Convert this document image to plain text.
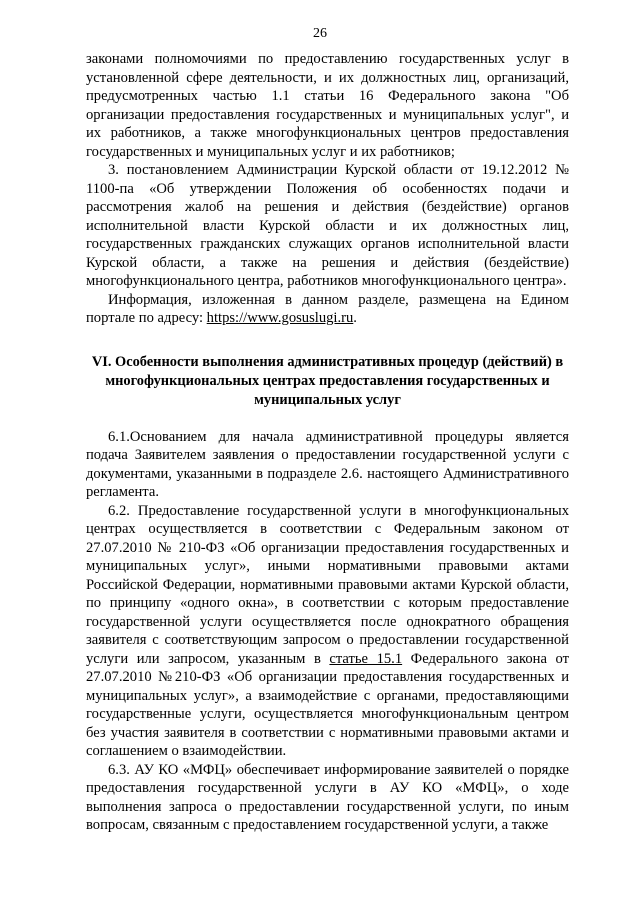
26

законами полномочиями по предоставлению государственных услуг в установленной сфере деятельности, и их должностных лиц, организаций, предусмотренных частью 1.1 статьи 16 Федерального закона "Об организации предоставления государственных и муниципальных услуг", и их работников, а также многофункциональных центров предоставления государственных и муниципальных услуг и их работников;

3. постановлением Администрации Курской области от 19.12.2012 № 1100-па «Об утверждении Положения об особенностях подачи и рассмотрения жалоб на решения и действия (бездействие) органов исполнительной власти Курской области и их должностных лиц, государственных гражданских служащих органов исполнительной власти Курской области, а также на решения и действия (бездействие) многофункционального центра, работников многофункционального центра».

Информация, изложенная в данном разделе, размещена на Едином портале по адресу: https://www.gosuslugi.ru.

VI. Особенности выполнения административных процедур (действий) в многофункциональных центрах предоставления государственных и муниципальных услуг

6.1.Основанием для начала административной процедуры является подача Заявителем заявления о предоставлении государственной услуги с документами, указанными в подразделе 2.6. настоящего Административного регламента.

6.2. Предоставление государственной услуги в многофункциональных центрах осуществляется в соответствии с Федеральным законом от 27.07.2010 № 210-ФЗ «Об организации предоставления государственных и муниципальных услуг», иными нормативными правовыми актами Российской Федерации, нормативными правовыми актами Курской области, по принципу «одного окна», в соответствии с которым предоставление государственной услуги осуществляется после однократного обращения заявителя с соответствующим запросом о предоставлении государственной услуги или запросом, указанным в статье 15.1 Федерального закона от 27.07.2010 №210-ФЗ «Об организации предоставления государственных и муниципальных услуг», а взаимодействие с органами, предоставляющими государственные услуги, осуществляется многофункциональным центром без участия заявителя в соответствии с нормативными правовыми актами и соглашением о взаимодействии.

6.3. АУ КО «МФЦ» обеспечивает информирование заявителей о порядке предоставления государственной услуги в АУ КО «МФЦ», о ходе выполнения запроса о предоставлении государственной услуги, по иным вопросам, связанным с предоставлением государственной услуги, а также
